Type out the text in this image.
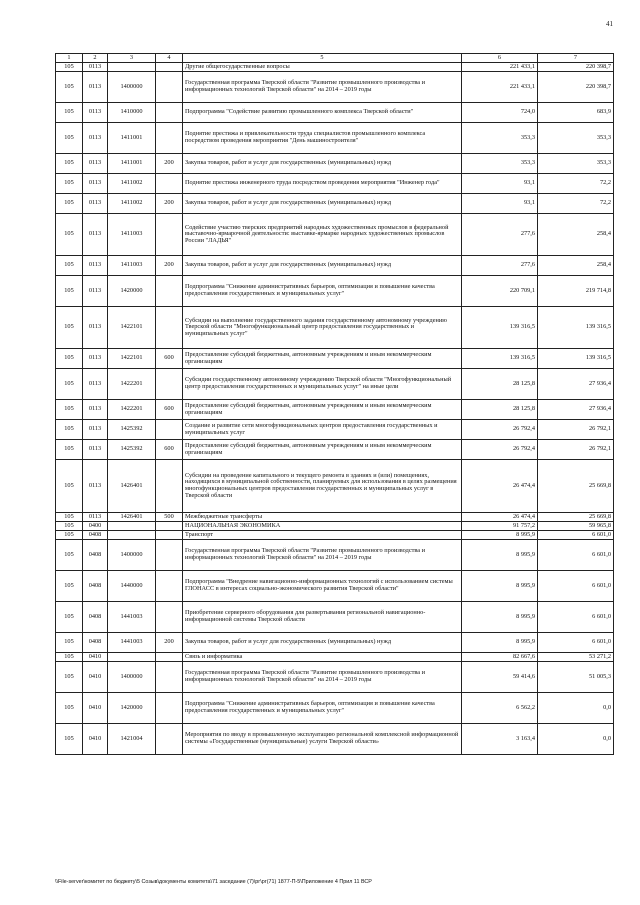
41
1	2	3	4	5	6	7
105	0113			Другие общегосударственные вопросы	221 433,1	220 398,7
105	0113	1400000		Государственная программа Тверской области "Развитие промышленного производства и информационных технологий Тверской области" на 2014 – 2019 годы	221 433,1	220 398,7
105	0113	1410000		Подпрограмма "Содействие развитию промышленного комплекса Тверской области"	724,0	683,9
105	0113	1411001		Поднятие престижа и привлекательности труда специалистов промышленного комплекса посредством проведения мероприятия "День машиностроителя"	353,3	353,3
105	0113	1411001	200	Закупка товаров, работ и услуг для государственных (муниципальных) нужд	353,3	353,3
105	0113	1411002		Поднятие престижа инженерного труда посредством проведения мероприятия "Инженер года"	93,1	72,2
105	0113	1411002	200	Закупка товаров, работ и услуг для государственных (муниципальных) нужд	93,1	72,2
105	0113	1411003		Содействие участию тверских предприятий народных художественных промыслов в федеральной выставочно-ярмарочной деятельности: выставке-ярмарке народных художественных промыслов России "ЛАДЬЯ"	277,6	258,4
105	0113	1411003	200	Закупка товаров, работ и услуг для государственных (муниципальных) нужд	277,6	258,4
105	0113	1420000		Подпрограмма "Снижение административных барьеров, оптимизация и повышение качества предоставления государственных и муниципальных услуг"	220 709,1	219 714,8
105	0113	1422101		Субсидии на выполнение государственного задания государственному автономному учреждению Тверской области "Многофункциональный центр предоставления государственных и муниципальных услуг"	139 316,5	139 316,5
105	0113	1422101	600	Предоставление субсидий бюджетным, автономным учреждениям и иным некоммерческим организациям	139 316,5	139 316,5
105	0113	1422201		Субсидии государственному автономному учреждению Тверской области "Многофункциональный центр предоставления государственных и муниципальных услуг" на иные цели	28 125,8	27 936,4
105	0113	1422201	600	Предоставление субсидий бюджетным, автономным учреждениям и иным некоммерческим организациям	28 125,8	27 936,4
105	0113	1425392		Создание и развитие сети многофункциональных центров предоставления государственных и муниципальных услуг	26 792,4	26 792,1
105	0113	1425392	600	Предоставление субсидий бюджетным, автономным учреждениям и иным некоммерческим организациям	26 792,4	26 792,1
105	0113	1426401		Субсидии на проведение капитального и текущего ремонта в зданиях и (или) помещениях, находящихся в муниципальной собственности, планируемых для использования в целях размещения многофункциональных центров предоставления государственных и муниципальных услуг в Тверской области	26 474,4	25 669,8
105	0113	1426401	500	Межбюджетные трансферты	26 474,4	25 669,8
105	0400			НАЦИОНАЛЬНАЯ ЭКОНОМИКА	91 757,2	59 965,8
105	0408			Транспорт	8 995,9	6 601,0
105	0408	1400000		Государственная программа Тверской области "Развитие промышленного производства и информационных технологий Тверской области" на 2014 – 2019 годы	8 995,9	6 601,0
105	0408	1440000		Подпрограмма "Внедрение навигационно-информационных технологий с использованием системы ГЛОНАСС в интересах социально-экономического развития Тверской области"	8 995,9	6 601,0
105	0408	1441003		Приобретение серверного оборудования для развертывания региональной навигационно-информационной системы Тверской области	8 995,9	6 601,0
105	0408	1441003	200	Закупка товаров, работ и услуг для государственных (муниципальных) нужд	8 995,9	6 601,0
105	0410			Связь и информатика	82 667,6	53 271,2
105	0410	1400000		Государственная программа Тверской области "Развитие промышленного производства и информационных технологий Тверской области" на 2014 – 2019 годы	59 414,6	51 005,3
105	0410	1420000		Подпрограмма "Снижение административных барьеров, оптимизация и повышение качества предоставления государственных и муниципальных услуг"	6 562,2	0,0
105	0410	1421004		Мероприятия по вводу в промышленную эксплуатацию региональной комплексной информационной системы «Государственные (муниципальные) услуги Тверской области»	3 163,4	0,0
\\File-server\комитет по бюджету\5 Созыв\документы комитета\71 заседание (7)\рг\рг(71) 1877-П-5\Приложение 4 Прил 11 ВСР
